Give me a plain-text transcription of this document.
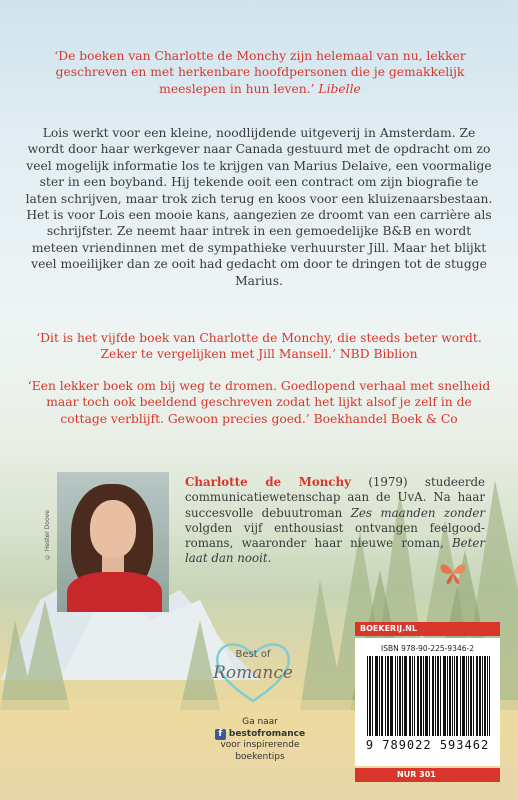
‘De boeken van Charlotte de Monchy zijn helemaal van nu, lekker geschreven en met herkenbare hoofdpersonen die je gemakkelijk meeslepen in hun leven.’ Libelle
Lois werkt voor een kleine, noodlijdende uitgeverij in Amsterdam. Ze wordt door haar werkgever naar Canada gestuurd met de opdracht om zo veel mogelijk informatie los te krijgen van Marius Delaive, een voormalige ster in een boyband. Hij tekende ooit een contract om zijn biografie te laten schrijven, maar trok zich terug en koos voor een kluizenaarsbestaan. Het is voor Lois een mooie kans, aangezien ze droomt van een carrière als schrijfster. Ze neemt haar intrek in een gemoedelijke B&B en wordt meteen vriendinnen met de sympathieke verhuurster Jill. Maar het blijkt veel moeilijker dan ze ooit had gedacht om door te dringen tot de stugge Marius.
‘Dit is het vijfde boek van Charlotte de Monchy, die steeds beter wordt. Zeker te vergelijken met Jill Mansell.’ NBD Biblion
‘Een lekker boek om bij weg te dromen. Goedlopend verhaal met snelheid maar toch ook beeldend geschreven zodat het lijkt alsof je zelf in de cottage verblijft. Gewoon precies goed.’ Boekhandel Boek & Co
© Hester Doove
Charlotte de Monchy (1979) studeerde communicatiewetenschap aan de UvA. Na haar succesvolle debuutroman Zes maanden zonder volgden vijf enthousiast ontvangen feelgood-romans, waaronder haar nieuwe roman, Beter laat dan nooit.
Best of
Romance
Ga naar
f bestofromance
voor inspirerende
boekentips
BOEKERIJ.NL
ISBN 978-90-225-9346-2
9 789022 593462
NUR 301
